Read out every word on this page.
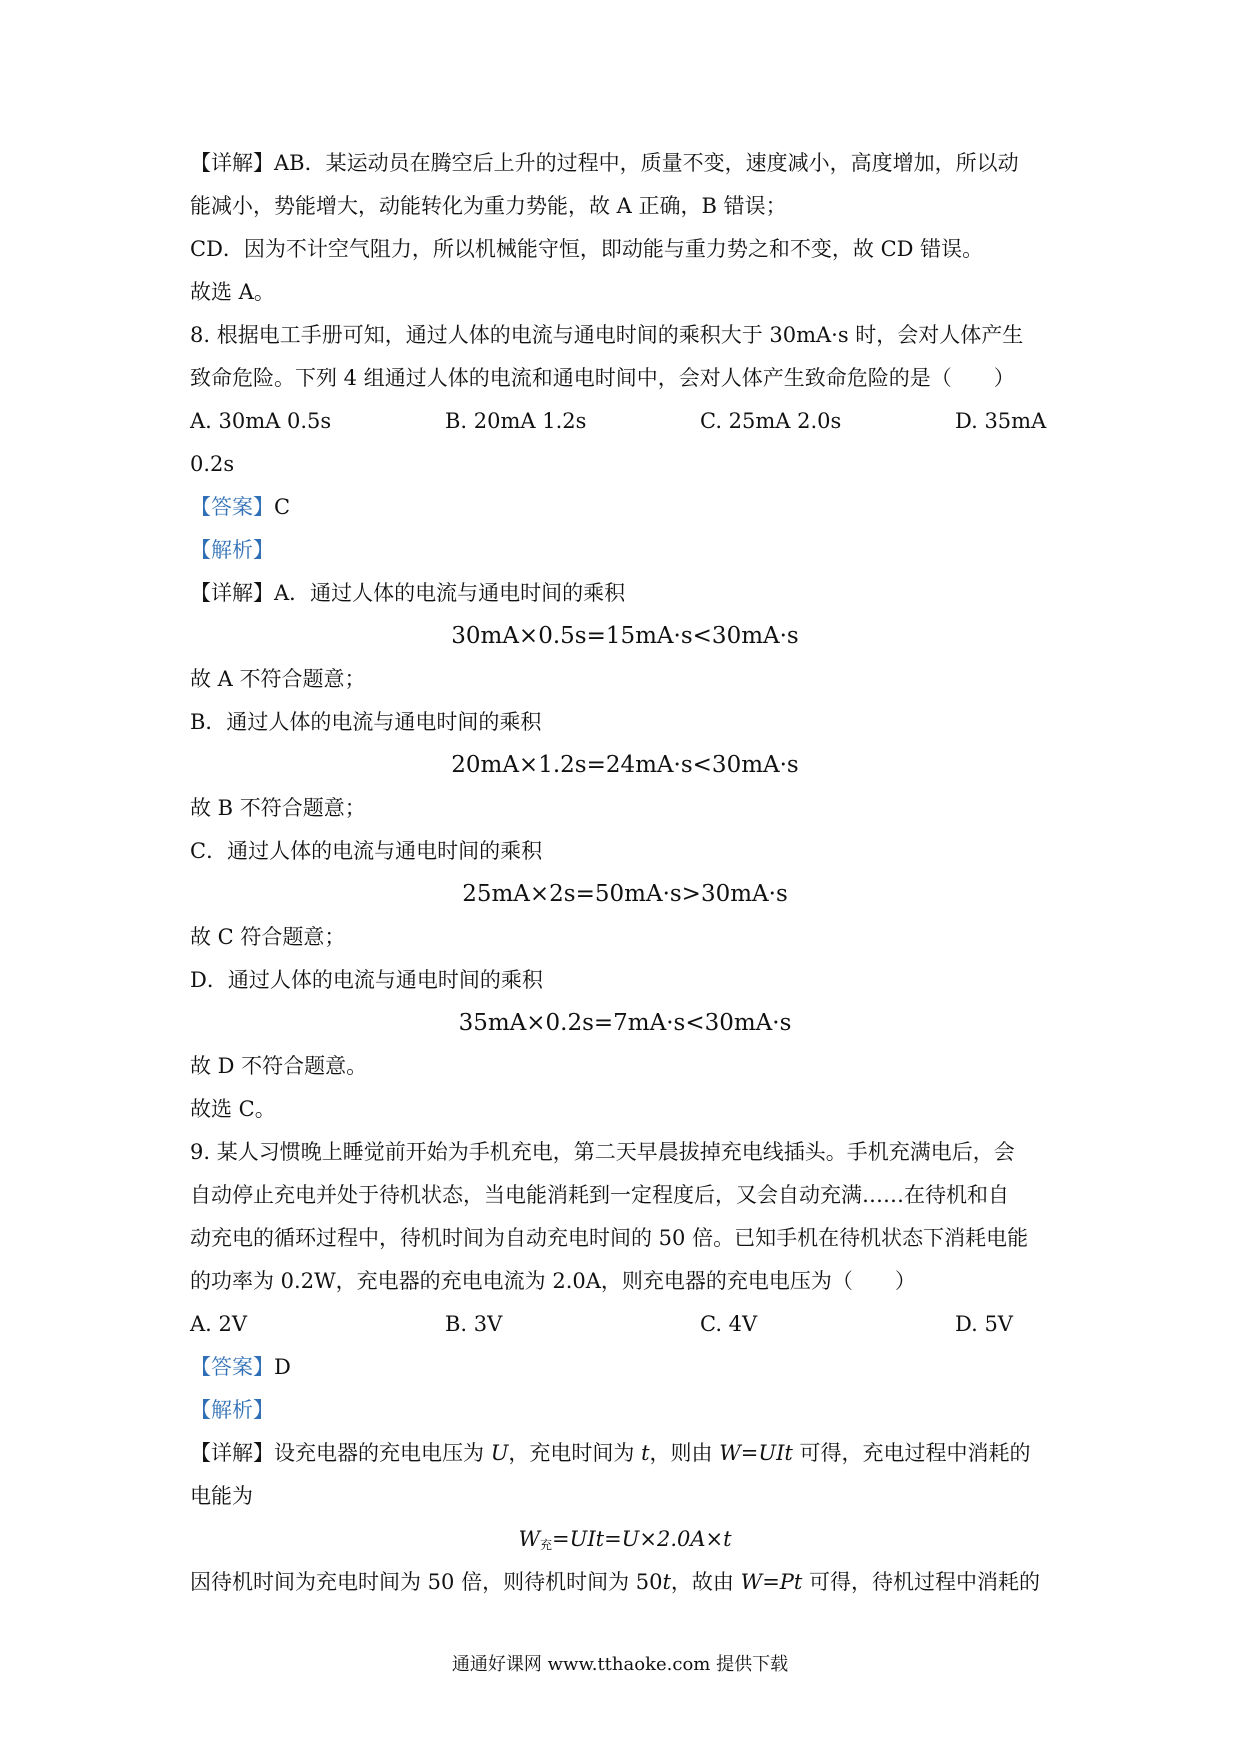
【详解】AB．某运动员在腾空后上升的过程中，质量不变，速度减小，高度增加，所以动
能减小，势能增大，动能转化为重力势能，故 A 正确，B 错误；
CD．因为不计空气阻力，所以机械能守恒，即动能与重力势之和不变，故 CD 错误。
故选 A。
8. 根据电工手册可知，通过人体的电流与通电时间的乘积大于 30mA·s 时，会对人体产生
致命危险。下列 4 组通过人体的电流和通电时间中，会对人体产生致命危险的是（　　）
A. 30mA 0.5s	B. 20mA 1.2s	C. 25mA 2.0s	D. 35mA
0.2s
【答案】C
【解析】
【详解】A．通过人体的电流与通电时间的乘积
30mA×0.5s=15mA·s<30mA·s
故 A 不符合题意；
B．通过人体的电流与通电时间的乘积
20mA×1.2s=24mA·s<30mA·s
故 B 不符合题意；
C．通过人体的电流与通电时间的乘积
25mA×2s=50mA·s>30mA·s
故 C 符合题意；
D．通过人体的电流与通电时间的乘积
35mA×0.2s=7mA·s<30mA·s
故 D 不符合题意。
故选 C。
9. 某人习惯晚上睡觉前开始为手机充电，第二天早晨拔掉充电线插头。手机充满电后，会
自动停止充电并处于待机状态，当电能消耗到一定程度后，又会自动充满……在待机和自
动充电的循环过程中，待机时间为自动充电时间的 50 倍。已知手机在待机状态下消耗电能
的功率为 0.2W，充电器的充电电流为 2.0A，则充电器的充电电压为（　　）
A. 2V	B. 3V	C. 4V	D. 5V
【答案】D
【解析】
【详解】设充电器的充电电压为 U，充电时间为 t，则由 W=UIt 可得，充电过程中消耗的
电能为
$W_充=UIt=U\times 2.0A\times t$
因待机时间为充电时间为 50 倍，则待机时间为 50t，故由 W=Pt 可得，待机过程中消耗的
通通好课网 www.tthaoke.com 提供下载
